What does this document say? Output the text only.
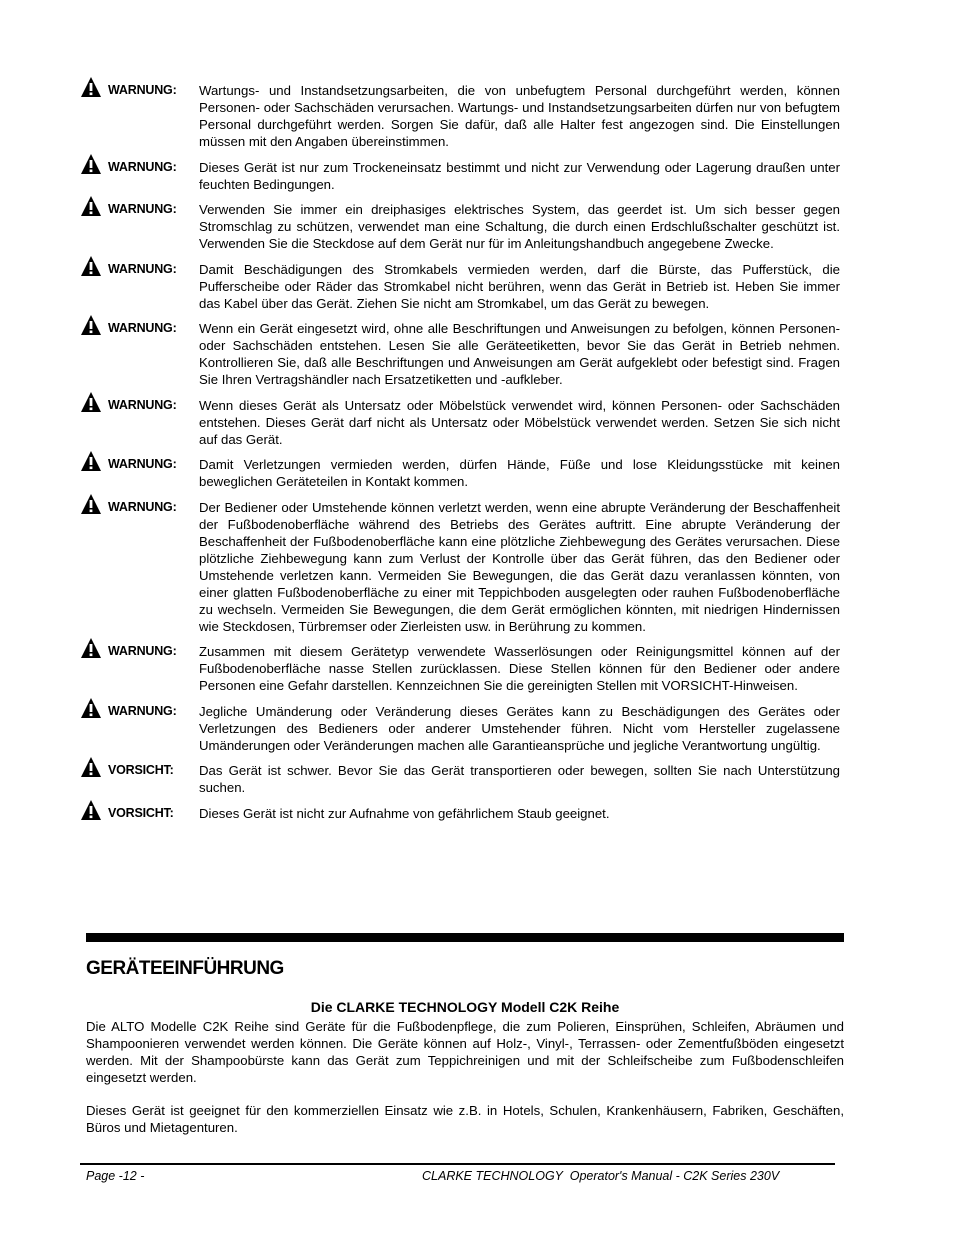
WARNUNG:	Wartungs- und Instandsetzungsarbeiten, die von unbefugtem Personal durchgeführt werden, können Personen- oder Sachschäden verursachen. Wartungs- und Instandsetzungsarbeiten dürfen nur von befugtem Personal durchgeführt werden. Sorgen Sie dafür, daß alle Halter fest angezogen sind. Die Einstellungen müssen mit den Angaben übereinstimmen.
WARNUNG:	Dieses Gerät ist nur zum Trockeneinsatz bestimmt und nicht zur Verwendung oder Lagerung draußen unter feuchten Bedingungen.
WARNUNG:	Verwenden Sie immer ein dreiphasiges elektrisches System, das geerdet ist. Um sich besser gegen Stromschlag zu schützen, verwendet man eine Schaltung, die durch einen Erdschlußschalter geschützt ist. Verwenden Sie die Steckdose auf dem Gerät nur für im Anleitungshandbuch angegebene Zwecke.
WARNUNG:	Damit Beschädigungen des Stromkabels vermieden werden, darf die Bürste, das Pufferstück, die Pufferscheibe oder Räder das Stromkabel nicht berühren, wenn das Gerät in Betrieb ist. Heben Sie immer das Kabel über das Gerät. Ziehen Sie nicht am Stromkabel, um das Gerät zu bewegen.
WARNUNG:	Wenn ein Gerät eingesetzt wird, ohne alle Beschriftungen und Anweisungen zu befolgen, können Personen- oder Sachschäden entstehen. Lesen Sie alle Geräteetiketten, bevor Sie das Gerät in Betrieb nehmen. Kontrollieren Sie, daß alle Beschriftungen und Anweisungen am Gerät aufgeklebt oder befestigt sind. Fragen Sie Ihren Vertragshändler nach Ersatzetiketten und -aufkleber.
WARNUNG:	Wenn dieses Gerät als Untersatz oder Möbelstück verwendet wird, können Personen- oder Sachschäden entstehen. Dieses Gerät darf nicht als Untersatz oder Möbelstück verwendet werden. Setzen Sie sich nicht auf das Gerät.
WARNUNG:	Damit Verletzungen vermieden werden, dürfen Hände, Füße und lose Kleidungsstücke mit keinen beweglichen Geräteteilen in Kontakt kommen.
WARNUNG:	Der Bediener oder Umstehende können verletzt werden, wenn eine abrupte Veränderung der Beschaffenheit der Fußbodenoberfläche während des Betriebs des Gerätes auftritt. Eine abrupte Veränderung der Beschaffenheit der Fußbodenoberfläche kann eine plötzliche Ziehbewegung des Gerätes verursachen. Diese plötzliche Ziehbewegung kann zum Verlust der Kontrolle über das Gerät führen, das den Bediener oder Umstehende verletzen kann. Vermeiden Sie Bewegungen, die das Gerät dazu veranlassen könnten, von einer glatten Fußbodenoberfläche zu einer mit Teppichboden ausgelegten oder rauhen Fußbodenoberfläche zu wechseln. Vermeiden Sie Bewegungen, die dem Gerät ermöglichen könnten, mit niedrigen Hindernissen wie Steckdosen, Türbremser oder Zierleisten usw. in Berührung zu kommen.
WARNUNG:	Zusammen mit diesem Gerätetyp verwendete Wasserlösungen oder Reinigungsmittel können auf der Fußbodenoberfläche nasse Stellen zurücklassen. Diese Stellen können für den Bediener oder andere Personen eine Gefahr darstellen. Kennzeichnen Sie die gereinigten Stellen mit VORSICHT-Hinweisen.
WARNUNG:	Jegliche Umänderung oder Veränderung dieses Gerätes kann zu Beschädigungen des Gerätes oder Verletzungen des Bedieners oder anderer Umstehender führen. Nicht vom Hersteller zugelassene Umänderungen oder Veränderungen machen alle Garantieansprüche und jegliche Verantwortung ungültig.
VORSICHT:	Das Gerät ist schwer. Bevor Sie das Gerät transportieren oder bewegen, sollten Sie nach Unterstützung suchen.
VORSICHT:	Dieses Gerät ist nicht zur Aufnahme von gefährlichem Staub geeignet.
GERÄTEEINFÜHRUNG
Die CLARKE TECHNOLOGY Modell C2K Reihe
Die ALTO Modelle C2K Reihe sind Geräte für die Fußbodenpflege, die zum Polieren, Einsprühen, Schleifen, Abräumen und Shampoonieren verwendet werden können. Die Geräte können auf Holz-, Vinyl-, Terrassen- oder Zementfußböden eingesetzt werden. Mit der Shampoobürste kann das Gerät zum Teppichreinigen und mit der Schleifscheibe zum Fußbodenschleifen eingesetzt werden.
Dieses Gerät ist geeignet für den kommerziellen Einsatz wie z.B. in Hotels, Schulen, Krankenhäusern, Fabriken, Geschäften, Büros und Mietagenturen.
Page -12 -	CLARKE TECHNOLOGY  Operator's Manual - C2K Series 230V
